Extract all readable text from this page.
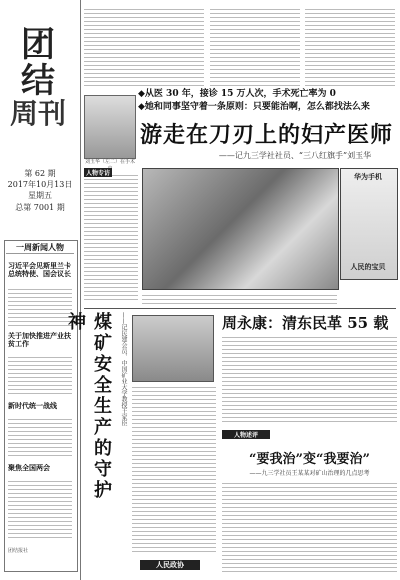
团结
周刊
第 62 期
2017年10月13日
星期五
总第 7001 期
一周新闻人物
习近平会见斯里兰卡总统特使、国会议长
关于加快推进产业扶贫工作
新时代统一战线
聚焦全国两会
团结报社
刘玉华（左二）在手术
◆从医 30 年，接诊 15 万人次，手术死亡率为 0
◆她和同事坚守着一条原则：只要能治啊，怎么都找法么来
游走在刀刃上的妇产医师
——记九三学社社员、“三八红旗手”刘玉华
人物专访	华为手机
人民的宝贝
煤矿安全生产的守护神	——记民建会员、中国矿业大学教授王家臣	周永康：清东民革 55 载
人物述评
“要我治”变“我要治”
——九三学社员王某某对矿山治理的几点思考
人民政协
